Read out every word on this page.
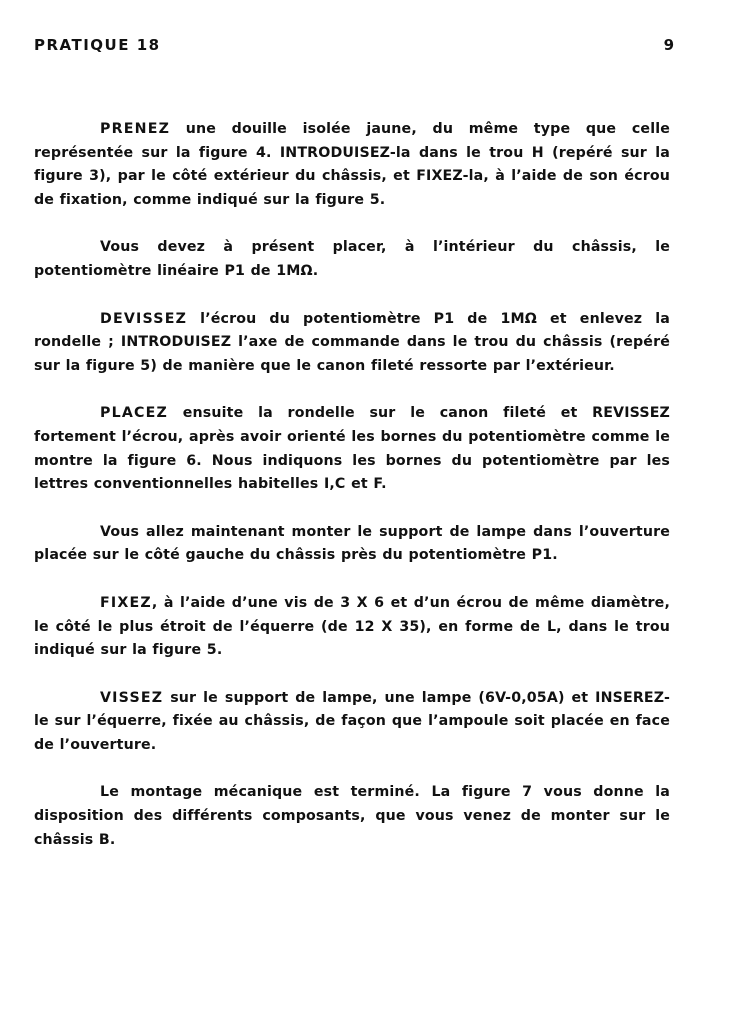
PRATIQUE 18	9

PRENEZ une douille isolée jaune, du même type que celle représentée sur la figure 4. INTRODUISEZ-la dans le trou H (repéré sur la figure 3), par le côté extérieur du châssis, et FIXEZ-la, à l’aide de son écrou de fixation, comme indiqué sur la figure 5.

Vous devez à présent placer, à l’intérieur du châssis, le potentiomètre linéaire P1 de 1MΩ.

DEVISSEZ l’écrou du potentiomètre P1 de 1MΩ et enlevez la rondelle ; INTRODUISEZ l’axe de commande dans le trou du châssis (repéré sur la figure 5) de manière que le canon fileté ressorte par l’extérieur.

PLACEZ ensuite la rondelle sur le canon fileté et REVISSEZ fortement l’écrou, après avoir orienté les bornes du potentiomètre comme le montre la figure 6. Nous indiquons les bornes du potentiomètre par les lettres conventionnelles habitelles I,C et F.

Vous allez maintenant monter le support de lampe dans l’ouverture placée sur le côté gauche du châssis près du potentiomètre P1.

FIXEZ, à l’aide d’une vis de 3 X 6 et d’un écrou de même diamètre, le côté le plus étroit de l’équerre (de 12 X 35), en forme de L, dans le trou indiqué sur la figure 5.

VISSEZ sur le support de lampe, une lampe (6V-0,05A) et INSEREZ-le sur l’équerre, fixée au châssis, de façon que l’ampoule soit placée en face de l’ouverture.

Le montage mécanique est terminé. La figure 7 vous donne la disposition des différents composants, que vous venez de monter sur le châssis B.
